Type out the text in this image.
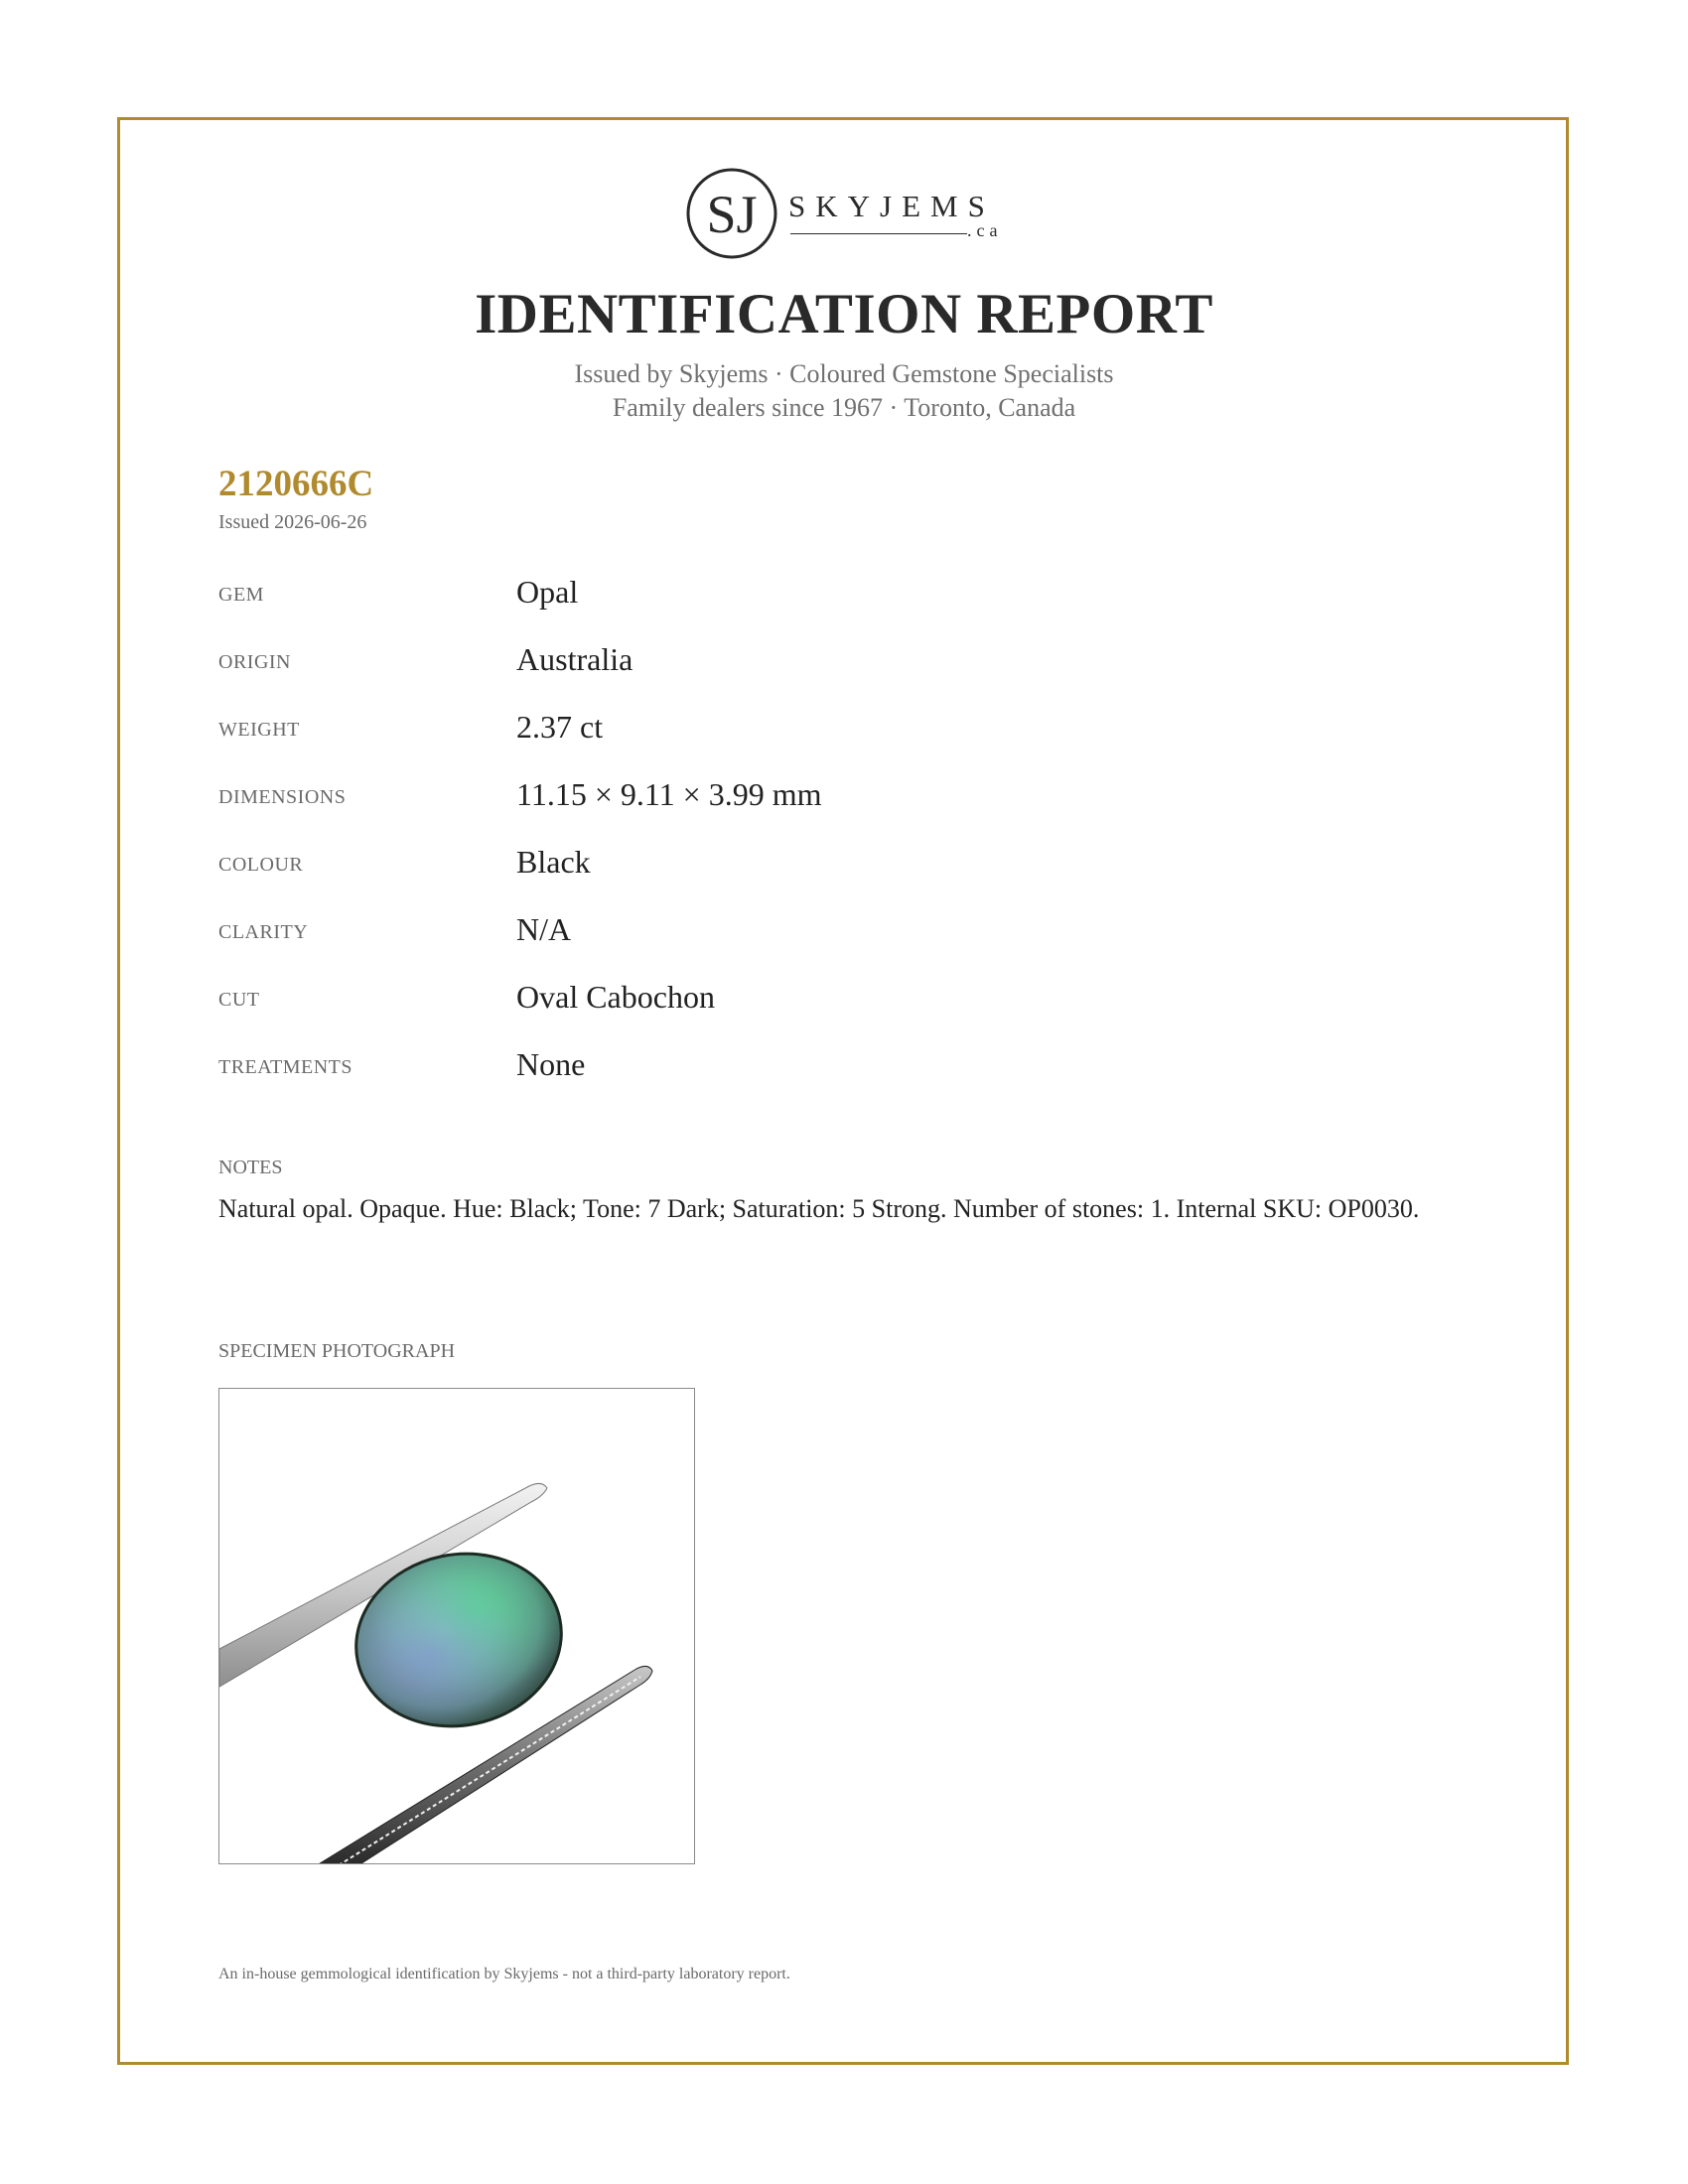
SJ SKYJEMS
.ca
IDENTIFICATION REPORT
Issued by Skyjems · Coloured Gemstone Specialists
Family dealers since 1967 · Toronto, Canada
2120666C
Issued 2026-06-26
GEM	Opal
ORIGIN	Australia
WEIGHT	2.37 ct
DIMENSIONS	11.15 × 9.11 × 3.99 mm
COLOUR	Black
CLARITY	N/A
CUT	Oval Cabochon
TREATMENTS	None
NOTES
Natural opal. Opaque. Hue: Black; Tone: 7 Dark; Saturation: 5 Strong. Number of stones: 1. Internal SKU: OP0030.
SPECIMEN PHOTOGRAPH
An in-house gemmological identification by Skyjems - not a third-party laboratory report.
